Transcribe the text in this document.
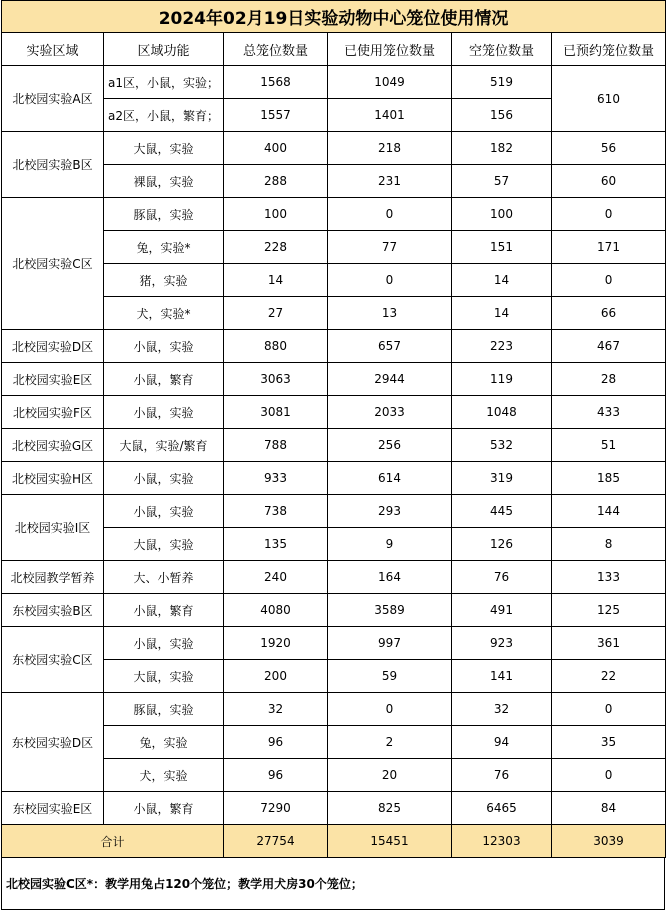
2024年02月19日实验动物中心笼位使用情况					
实验区域	区域功能	总笼位数量	已使用笼位数量	空笼位数量	已预约笼位数量
北校园实验A区	a1区，小鼠，实验；	1568	1049	519	610
	a2区，小鼠，繁育；	1557	1401	156	
北校园实验B区	大鼠，实验	400	218	182	56
	裸鼠，实验	288	231	57	60
北校园实验C区	豚鼠，实验	100	0	100	0
	兔，实验*	228	77	151	171
	猪，实验	14	0	14	0
	犬，实验*	27	13	14	66
北校园实验D区	小鼠，实验	880	657	223	467
北校园实验E区	小鼠，繁育	3063	2944	119	28
北校园实验F区	小鼠，实验	3081	2033	1048	433
北校园实验G区	大鼠，实验/繁育	788	256	532	51
北校园实验H区	小鼠，实验	933	614	319	185
北校园实验I区	小鼠，实验	738	293	445	144
	大鼠，实验	135	9	126	8
北校园教学暂养	大、小暂养	240	164	76	133
东校园实验B区	小鼠，繁育	4080	3589	491	125
东校园实验C区	小鼠，实验	1920	997	923	361
	大鼠，实验	200	59	141	22
东校园实验D区	豚鼠，实验	32	0	32	0
	兔，实验	96	2	94	35
	犬，实验	96	20	76	0
东校园实验E区	小鼠，繁育	7290	825	6465	84
合计		27754	15451	12303	3039
北校园实验C区*：教学用兔占120个笼位；教学用犬房30个笼位；
